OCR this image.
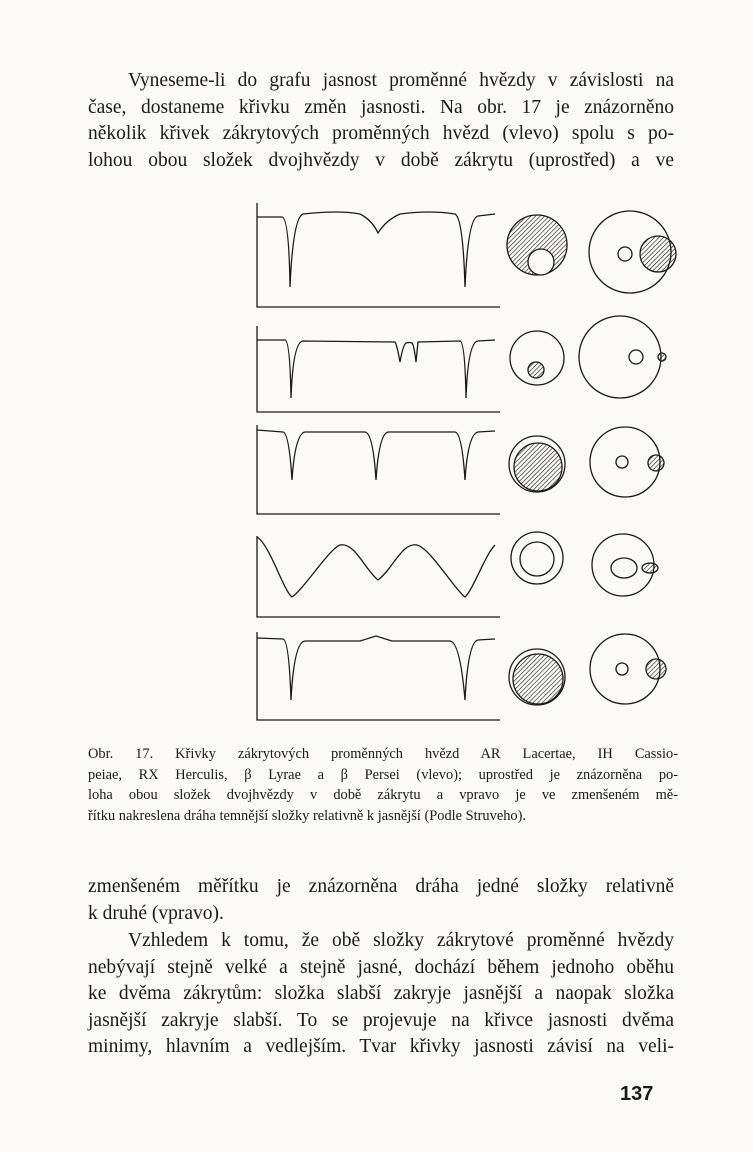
Vyneseme-li do grafu jasnost proměnné hvězdy v závislosti na
čase, dostaneme křivku změn jasnosti. Na obr. 17 je znázorněno
několik křivek zákrytových proměnných hvězd (vlevo) spolu s po-
lohou obou složek dvojhvězdy v době zákrytu (uprostřed) a ve

Obr. 17. Křivky zákrytových proměnných hvězd AR Lacertae, IH Cassio-
peiae, RX Herculis, β Lyrae a β Persei (vlevo); uprostřed je znázorněna po-
loha obou složek dvojhvězdy v době zákrytu a vpravo je ve zmenšeném mě-
řítku nakreslena dráha temnější složky relativně k jasnější (Podle Struveho).

zmenšeném měřítku je znázorněna dráha jedné složky relativně
k druhé (vpravo).

Vzhledem k tomu, že obě složky zákrytové proměnné hvězdy
nebývají stejně velké a stejně jasné, dochází během jednoho oběhu
ke dvěma zákrytům: složka slabší zakryje jasnější a naopak složka
jasnější zakryje slabší. To se projevuje na křivce jasnosti dvěma
minimy, hlavním a vedlejším. Tvar křivky jasnosti závisí na veli-

137
